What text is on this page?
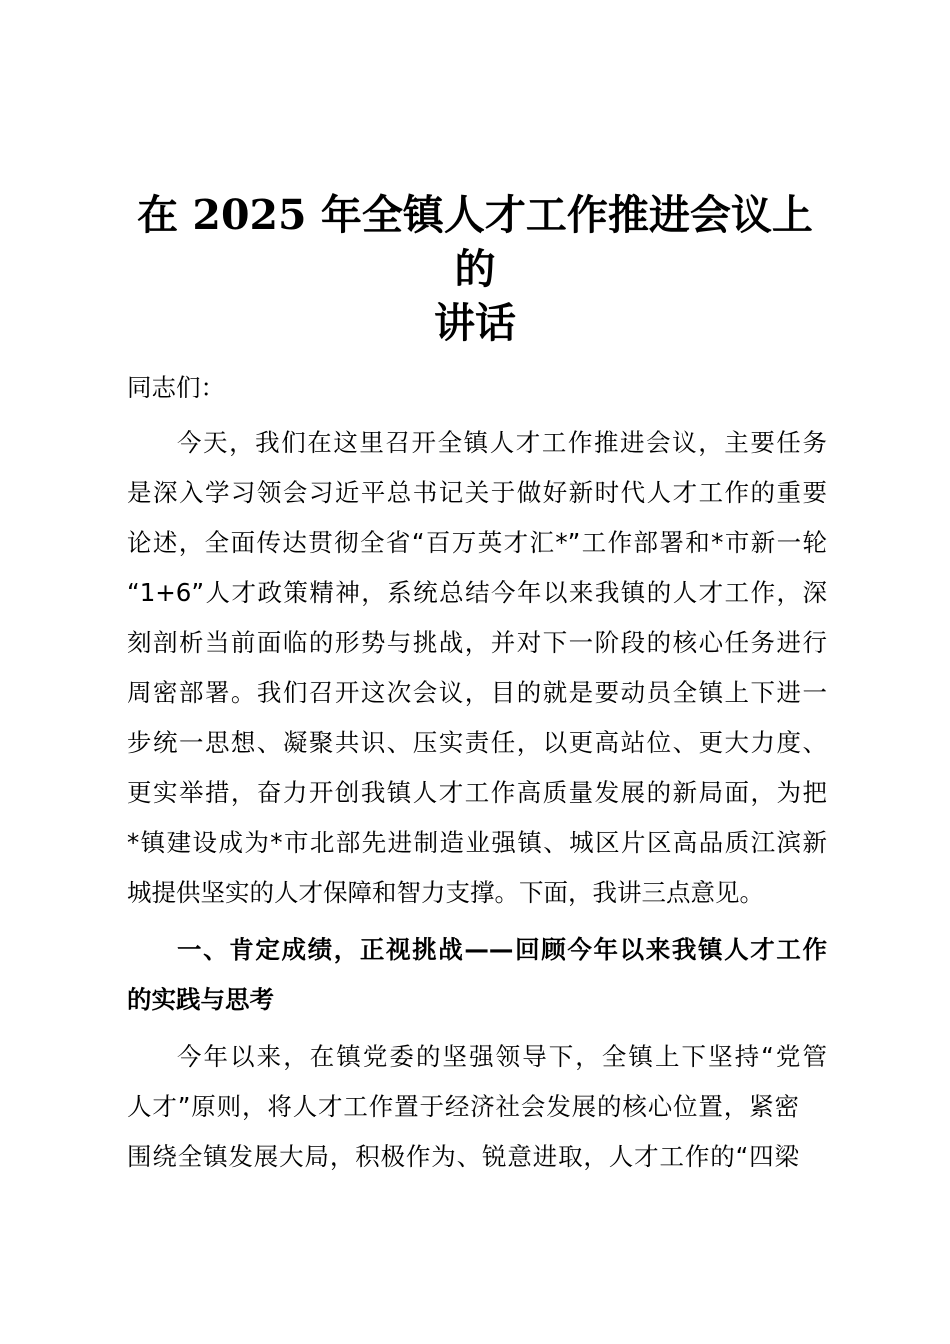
在 2025 年全镇人才工作推进会议上的
讲话
同志们：
今天，我们在这里召开全镇人才工作推进会议，主要任务
是深入学习领会习近平总书记关于做好新时代人才工作的重要
论述，全面传达贯彻全省“百万英才汇*”工作部署和*市新一轮
“1+6”人才政策精神，系统总结今年以来我镇的人才工作，深
刻剖析当前面临的形势与挑战，并对下一阶段的核心任务进行
周密部署。我们召开这次会议，目的就是要动员全镇上下进一
步统一思想、凝聚共识、压实责任，以更高站位、更大力度、
更实举措，奋力开创我镇人才工作高质量发展的新局面，为把
*镇建设成为*市北部先进制造业强镇、城区片区高品质江滨新
城提供坚实的人才保障和智力支撑。下面，我讲三点意见。
一、肯定成绩，正视挑战——回顾今年以来我镇人才工作
的实践与思考
今年以来，在镇党委的坚强领导下，全镇上下坚持“党管
人才”原则，将人才工作置于经济社会发展的核心位置，紧密
围绕全镇发展大局，积极作为、锐意进取，人才工作的“四梁
